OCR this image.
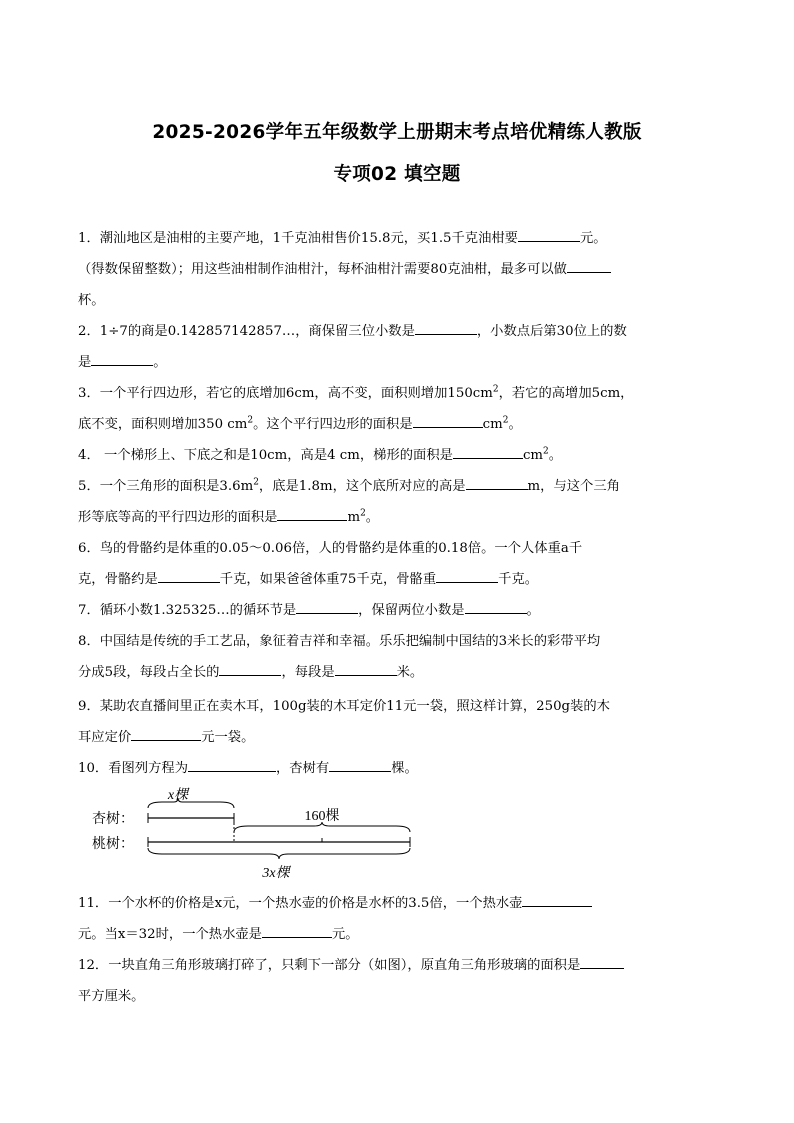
2025-2026学年五年级数学上册期末考点培优精练人教版
专项02 填空题
1．潮汕地区是油柑的主要产地，1千克油柑售价15.8元，买1.5千克油柑要	元。
（得数保留整数）；用这些油柑制作油柑汁，每杯油柑汁需要80克油柑，最多可以做
杯。
2．1÷7的商是0.142857142857…，商保留三位小数是	，小数点后第30位上的数
是	。
3．一个平行四边形，若它的底增加6cm，高不变，面积则增加$150cm^2$，若它的高增加5cm，
底不变，面积则增加350 $cm^2$。这个平行四边形的面积是	$cm^2$。
4． 一个梯形上、下底之和是10cm，高是4 cm，梯形的面积是	$cm^2$。
5．一个三角形的面积是$3.6m^2$，底是1.8m，这个底所对应的高是	m，与这个三角
形等底等高的平行四边形的面积是	$m^2$。
6．鸟的骨骼约是体重的0.05～0.06倍，人的骨骼约是体重的0.18倍。一个人体重a千
克，骨骼约是	千克，如果爸爸体重75千克，骨骼重	千克。
7．循环小数1.325325…的循环节是	，保留两位小数是	。
8．中国结是传统的手工艺品，象征着吉祥和幸福。乐乐把编制中国结的3米长的彩带平均
分成5段，每段占全长的	，每段是	米。
9．某助农直播间里正在卖木耳，100g装的木耳定价11元一袋，照这样计算，250g装的木
耳应定价	元一袋。
10．看图列方程为	，杏树有	棵。
x棵
杏树：
桃树：
160棵
3x棵
11．一个水杯的价格是x元，一个热水壶的价格是水杯的3.5倍，一个热水壶
元。当x＝32时，一个热水壶是	元。
12．一块直角三角形玻璃打碎了，只剩下一部分（如图），原直角三角形玻璃的面积是
平方厘米。
